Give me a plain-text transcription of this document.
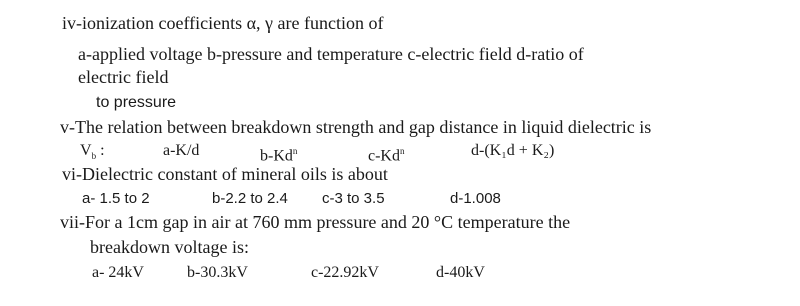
iv-ionization coefficients α, γ are function of
a-applied voltage b-pressure and temperature c-electric field d-ratio of
electric field
to pressure
v-The relation between breakdown strength and gap distance in liquid dielectric is
$V_b$ :	a-K/d	b-Kd$^n$	c-Kd$^n$	d-(K₁d + K₂)
vi-Dielectric constant of mineral oils is about
a- 1.5 to 2	b-2.2 to 2.4 c-3 to 3.5	d-1.008
vii-For a 1cm gap in air at 760 mm pressure and 20 °C temperature the
breakdown voltage is:
a- 24kV	b-30.3kV	c-22.92kV	d-40kV
